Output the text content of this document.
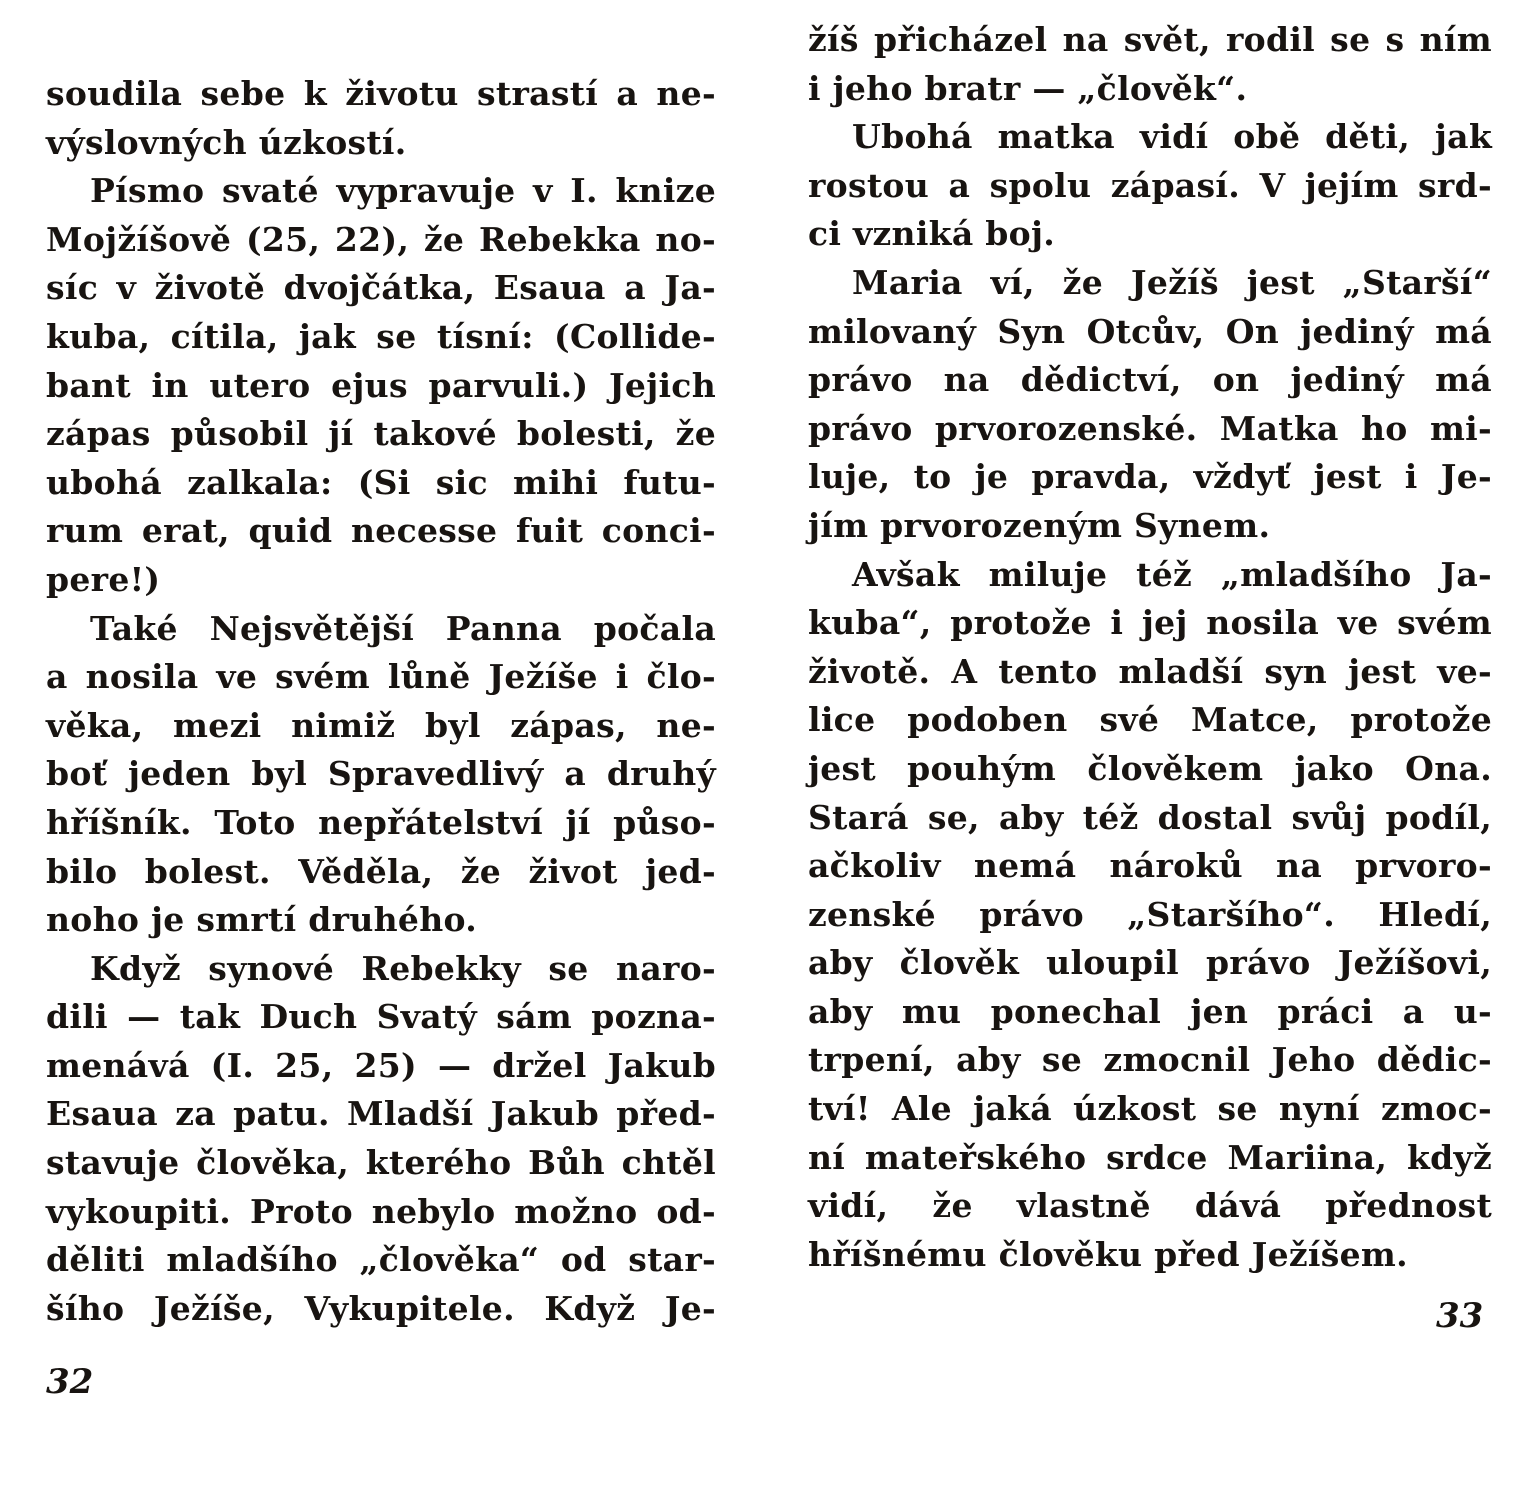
soudila sebe k životu strastí a ne-
výslovných úzkostí.
Písmo svaté vypravuje v I. knize
Mojžíšově (25, 22), že Rebekka no-
síc v životě dvojčátka, Esaua a Ja-
kuba, cítila, jak se tísní: (Collide-
bant in utero ejus parvuli.) Jejich
zápas působil jí takové bolesti, že
ubohá zalkala: (Si sic mihi futu-
rum erat, quid necesse fuit conci-
pere!)
Také Nejsvětější Panna počala
a nosila ve svém lůně Ježíše i člo-
věka, mezi nimiž byl zápas, ne-
boť jeden byl Spravedlivý a druhý
hříšník. Toto nepřátelství jí půso-
bilo bolest. Věděla, že život jed-
noho je smrtí druhého.
Když synové Rebekky se naro-
dili — tak Duch Svatý sám pozna-
menává (I. 25, 25) — držel Jakub
Esaua za patu. Mladší Jakub před-
stavuje člověka, kterého Bůh chtěl
vykoupiti. Proto nebylo možno od-
děliti mladšího „člověka“ od star-
šího Ježíše, Vykupitele. Když Je-
žíš přicházel na svět, rodil se s ním
i jeho bratr — „člověk“.
Ubohá matka vidí obě děti, jak
rostou a spolu zápasí. V jejím srd-
ci vzniká boj.
Maria ví, že Ježíš jest „Starší“
milovaný Syn Otcův, On jediný má
právo na dědictví, on jediný má
právo prvorozenské. Matka ho mi-
luje, to je pravda, vždyť jest i Je-
jím prvorozeným Synem.
Avšak miluje též „mladšího Ja-
kuba“, protože i jej nosila ve svém
životě. A tento mladší syn jest ve-
lice podoben své Matce, protože
jest pouhým člověkem jako Ona.
Stará se, aby též dostal svůj podíl,
ačkoliv nemá nároků na prvoro-
zenské právo „Staršího“. Hledí,
aby člověk uloupil právo Ježíšovi,
aby mu ponechal jen práci a u-
trpení, aby se zmocnil Jeho dědic-
tví! Ale jaká úzkost se nyní zmoc-
ní mateřského srdce Mariina, když
vidí, že vlastně dává přednost
hříšnému člověku před Ježíšem.
33
32
